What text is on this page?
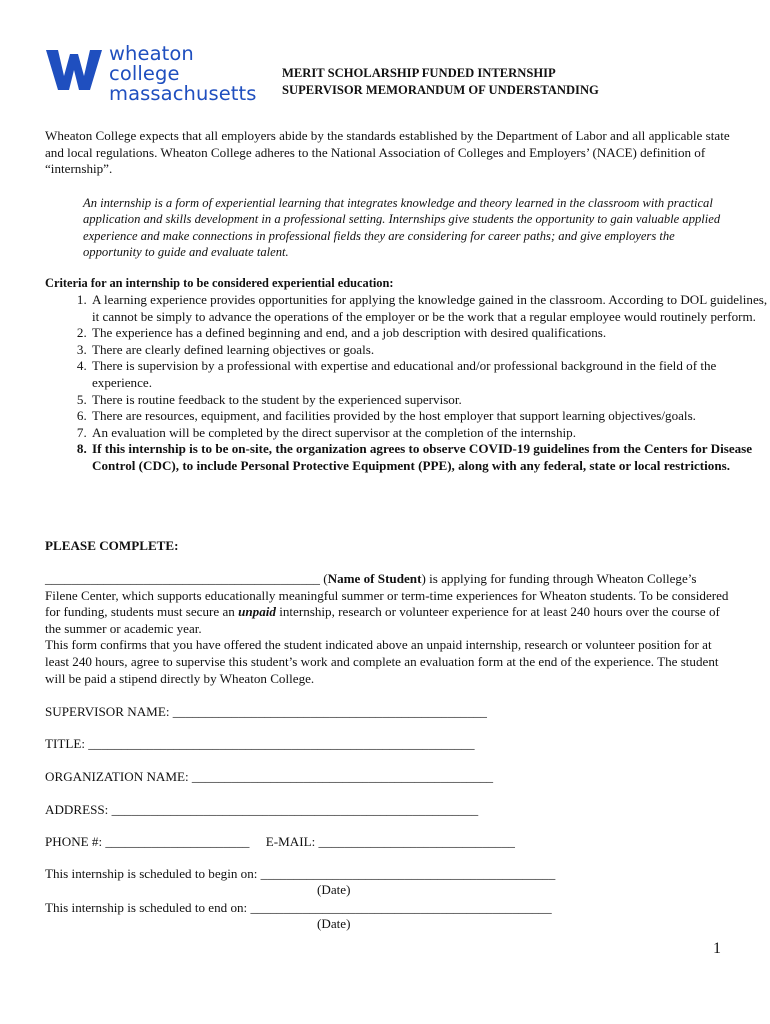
wheaton
college
massachusetts
MERIT SCHOLARSHIP FUNDED INTERNSHIP
SUPERVISOR MEMORANDUM OF UNDERSTANDING
Wheaton College expects that all employers abide by the standards established by the Department of Labor and all applicable state and local regulations. Wheaton College adheres to the National Association of Colleges and Employers’ (NACE) definition of “internship”.
An internship is a form of experiential learning that integrates knowledge and theory learned in the classroom with practical application and skills development in a professional setting. Internships give students the opportunity to gain valuable applied experience and make connections in professional fields they are considering for career paths; and give employers the opportunity to guide and evaluate talent.
Criteria for an internship to be considered experiential education:
1. A learning experience provides opportunities for applying the knowledge gained in the classroom. According to DOL guidelines, it cannot be simply to advance the operations of the employer or be the work that a regular employee would routinely perform.
2. The experience has a defined beginning and end, and a job description with desired qualifications.
3. There are clearly defined learning objectives or goals.
4. There is supervision by a professional with expertise and educational and/or professional background in the field of the experience.
5. There is routine feedback to the student by the experienced supervisor.
6. There are resources, equipment, and facilities provided by the host employer that support learning objectives/goals.
7. An evaluation will be completed by the direct supervisor at the completion of the internship.
8. If this internship is to be on-site, the organization agrees to observe COVID-19 guidelines from the Centers for Disease Control (CDC), to include Personal Protective Equipment (PPE), along with any federal, state or local restrictions.
PLEASE COMPLETE:
__________________________________________ (Name of Student) is applying for funding through Wheaton College’s Filene Center, which supports educationally meaningful summer or term-time experiences for Wheaton students. To be considered for funding, students must secure an unpaid internship, research or volunteer experience for at least 240 hours over the course of the summer or academic year.
This form confirms that you have offered the student indicated above an unpaid internship, research or volunteer position for at least 240 hours, agree to supervise this student’s work and complete an evaluation form at the end of the experience. The student will be paid a stipend directly by Wheaton College.
SUPERVISOR NAME: ________________________________________________
TITLE: ___________________________________________________________
ORGANIZATION NAME: ______________________________________________
ADDRESS: ________________________________________________________
PHONE #: ______________________ E-MAIL: ______________________________
This internship is scheduled to begin on: _____________________________________________
(Date)
This internship is scheduled to end on: ______________________________________________
(Date)
1
